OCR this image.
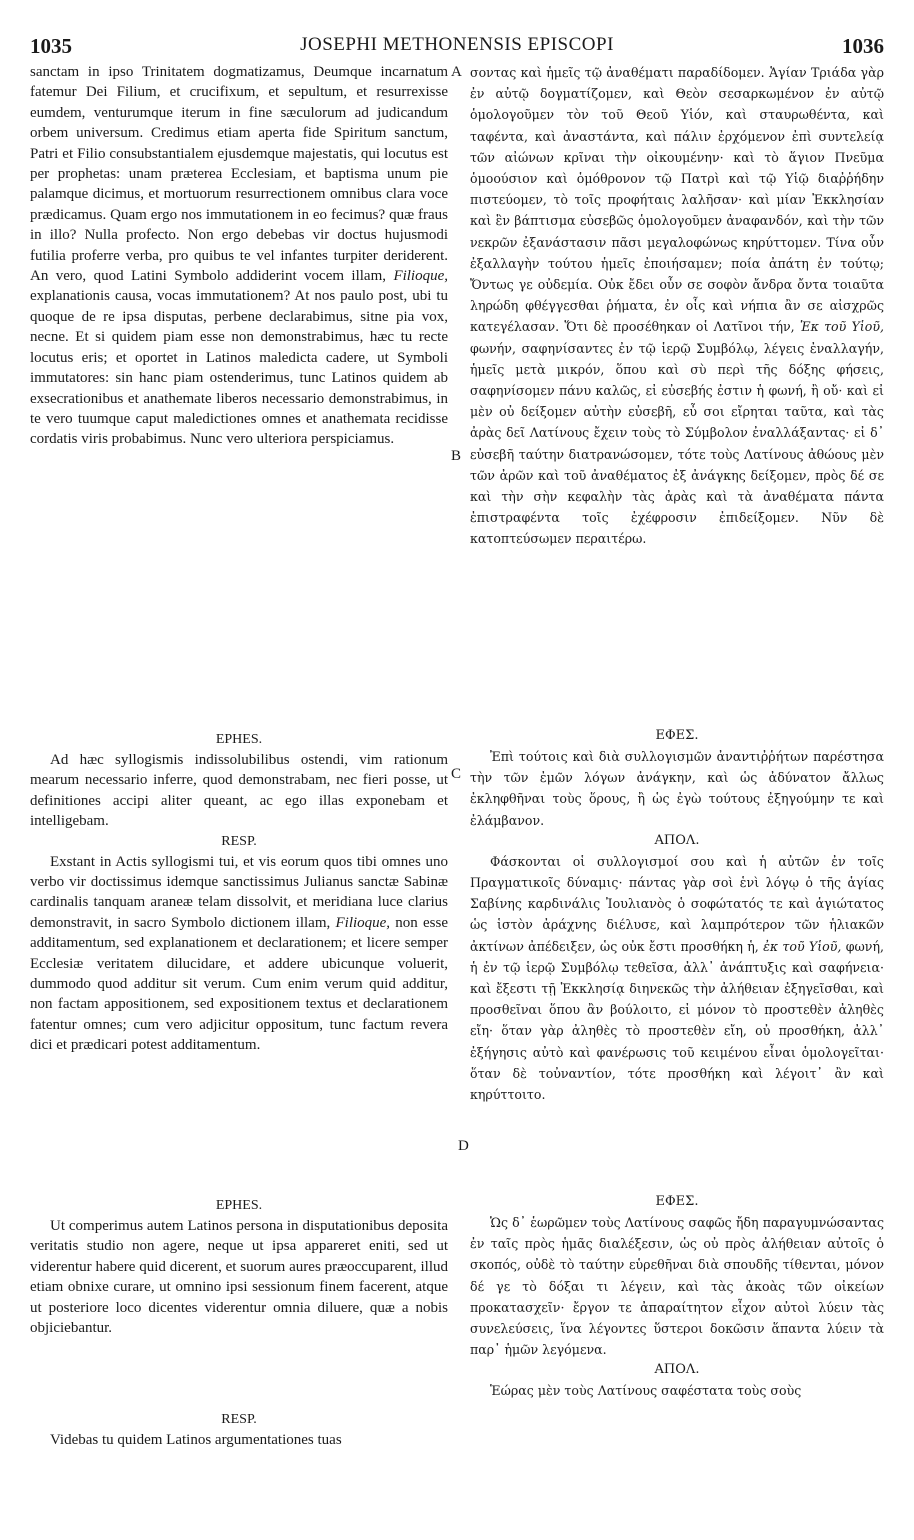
1035	JOSEPHI METHONENSIS EPISCOPI	1036
A
B
C
D

sanctam in ipso Trinitatem dogmatizamus, Deumque incarnatum fatemur Dei Filium, et crucifixum, et sepultum, et resurrexisse eumdem, venturumque iterum in fine sæculorum ad judicandum orbem universum. Credimus etiam aperta fide Spiritum sanctum, Patri et Filio consubstantialem ejusdemque majestatis, qui locutus est per prophetas: unam præterea Ecclesiam, et baptisma unum pie palamque dicimus, et mortuorum resurrectionem omnibus clara voce prædicamus. Quam ergo nos immutationem in eo fecimus? quæ fraus in illo? Nulla profecto. Non ergo debebas vir doctus hujusmodi futilia proferre verba, pro quibus te vel infantes turpiter deriderent. An vero, quod Latini Symbolo addiderint vocem illam, Filioque, explanationis causa, vocas immutationem? At nos paulo post, ubi tu quoque de re ipsa disputas, perbene declarabimus, sitne pia vox, necne. Et si quidem piam esse non demonstrabimus, hæc tu recte locutus eris; et oportet in Latinos maledicta cadere, ut Symboli immutatores: sin hanc piam ostenderimus, tunc Latinos quidem ab exsecrationibus et anathemate liberos necessario demonstrabimus, in te vero tuumque caput maledictiones omnes et anathemata recidisse cordatis viris probabimus. Nunc vero ulteriora perspiciamus.

EPHES.

Ad hæc syllogismis indissolubilibus ostendi, vim rationum mearum necessario inferre, quod demonstrabam, nec fieri posse, ut definitiones accipi aliter queant, ac ego illas exponebam et intelligebam.

RESP.

Exstant in Actis syllogismi tui, et vis eorum quos tibi omnes uno verbo vir doctissimus idemque sanctissimus Julianus sanctæ Sabinæ cardinalis tanquam araneæ telam dissolvit, et meridiana luce clarius demonstravit, in sacro Symbolo dictionem illam, Filioque, non esse additamentum, sed explanationem et declarationem; et licere semper Ecclesiæ veritatem dilucidare, et addere ubicunque voluerit, dummodo quod additur sit verum. Cum enim verum quid additur, non factam appositionem, sed expositionem textus et declarationem fatentur omnes; cum vero adjicitur oppositum, tunc factum revera dici et prædicari potest additamentum.

EPHES.

Ut comperimus autem Latinos persona in disputationibus deposita veritatis studio non agere, neque ut ipsa appareret eniti, sed ut viderentur habere quid dicerent, et suorum aures præoccuparent, illud etiam obnixe curare, ut omnino ipsi sessionum finem facerent, atque ut posteriore loco dicentes viderentur omnia diluere, quæ a nobis objiciebantur.

RESP.

Videbas tu quidem Latinos argumentationes tuas

σοντας καὶ ἡμεῖς τῷ ἀναθέματι παραδίδομεν. Ἁγίαν Τριάδα γὰρ ἐν αὐτῷ δογματίζομεν, καὶ Θεὸν σεσαρκωμένον ἐν αὐτῷ ὁμολογοῦμεν τὸν τοῦ Θεοῦ Υἱόν, καὶ σταυρωθέντα, καὶ ταφέντα, καὶ ἀναστάντα, καὶ πάλιν ἐρχόμενον ἐπὶ συντελείᾳ τῶν αἰώνων κρῖναι τὴν οἰκουμένην· καὶ τὸ ἅγιον Πνεῦμα ὁμοούσιον καὶ ὁμόθρονον τῷ Πατρὶ καὶ τῷ Υἱῷ διαῤῥήδην πιστεύομεν, τὸ τοῖς προφήταις λαλῆσαν· καὶ μίαν Ἐκκλησίαν καὶ ἓν βάπτισμα εὐσεβῶς ὁμολογοῦμεν ἀναφανδόν, καὶ τὴν τῶν νεκρῶν ἐξανάστασιν πᾶσι μεγαλοφώνως κηρύττομεν. Τίνα οὖν ἐξαλλαγὴν τούτου ἡμεῖς ἐποιήσαμεν; ποία ἀπάτη ἐν τούτῳ; Ὄντως γε οὐδεμία. Οὐκ ἔδει οὖν σε σοφὸν ἄνδρα ὄντα τοιαῦτα ληρώδη φθέγγεσθαι ῥήματα, ἐν οἷς καὶ νήπια ἂν σε αἰσχρῶς κατεγέλασαν. Ὅτι δὲ προσέθηκαν οἱ Λατῖνοι τήν, Ἐκ τοῦ Υἱοῦ, φωνήν, σαφηνίσαντες ἐν τῷ ἱερῷ Συμβόλῳ, λέγεις ἐναλλαγήν, ἡμεῖς μετὰ μικρόν, ὅπου καὶ σὺ περὶ τῆς δόξης φήσεις, σαφηνίσομεν πάνυ καλῶς, εἰ εὐσεβής ἐστιν ἡ φωνή, ἢ οὔ· καὶ εἰ μὲν οὐ δείξομεν αὐτὴν εὐσεβῆ, εὖ σοι εἴρηται ταῦτα, καὶ τὰς ἀρὰς δεῖ Λατίνους ἔχειν τοὺς τὸ Σύμβολον ἐναλλάξαντας· εἰ δ᾽ εὐσεβῆ ταύτην διατρανώσομεν, τότε τοὺς Λατίνους ἀθώους μὲν τῶν ἀρῶν καὶ τοῦ ἀναθέματος ἐξ ἀνάγκης δείξομεν, πρὸς δέ σε καὶ τὴν σὴν κεφαλὴν τὰς ἀρὰς καὶ τὰ ἀναθέματα πάντα ἐπιστραφέντα τοῖς ἐχέφροσιν ἐπιδείξομεν. Νῦν δὲ κατοπτεύσωμεν περαιτέρω.

ΕΦΕΣ.

Ἐπὶ τούτοις καὶ διὰ συλλογισμῶν ἀναντιῤῥήτων παρέστησα τὴν τῶν ἐμῶν λόγων ἀνάγκην, καὶ ὡς ἀδύνατον ἄλλως ἐκληφθῆναι τοὺς ὅρους, ἢ ὡς ἐγὼ τούτους ἐξηγούμην τε καὶ ἐλάμβανον.

ΑΠΟΛ.

Φάσκονται οἱ συλλογισμοί σου καὶ ἡ αὐτῶν ἐν τοῖς Πραγματικοῖς δύναμις· πάντας γὰρ σοὶ ἑνὶ λόγῳ ὁ τῆς ἁγίας Σαβίνης καρδινάλις Ἰουλιανὸς ὁ σοφώτατός τε καὶ ἁγιώτατος ὡς ἱστὸν ἀράχνης διέλυσε, καὶ λαμπρότερον τῶν ἡλιακῶν ἀκτίνων ἀπέδειξεν, ὡς οὐκ ἔστι προσθήκη ἡ, ἐκ τοῦ Υἱοῦ, φωνή, ἡ ἐν τῷ ἱερῷ Συμβόλῳ τεθεῖσα, ἀλλ᾽ ἀνάπτυξις καὶ σαφήνεια· καὶ ἔξεστι τῇ Ἐκκλησίᾳ διηνεκῶς τὴν ἀλήθειαν ἐξηγεῖσθαι, καὶ προσθεῖναι ὅπου ἂν βούλοιτο, εἰ μόνον τὸ προστεθὲν ἀληθὲς εἴη· ὅταν γὰρ ἀληθὲς τὸ προστεθὲν εἴη, οὐ προσθήκη, ἀλλ᾽ ἐξήγησις αὐτὸ καὶ φανέρωσις τοῦ κειμένου εἶναι ὁμολογεῖται· ὅταν δὲ τοὐναντίον, τότε προσθήκη καὶ λέγοιτ᾽ ἂν καὶ κηρύττοιτο.

ΕΦΕΣ.

Ὡς δ᾽ ἑωρῶμεν τοὺς Λατίνους σαφῶς ἤδη παραγυμνώσαντας ἐν ταῖς πρὸς ἡμᾶς διαλέξεσιν, ὡς οὐ πρὸς ἀλήθειαν αὐτοῖς ὁ σκοπός, οὐδὲ τὸ ταύτην εὑρεθῆναι διὰ σπουδῆς τίθενται, μόνον δέ γε τὸ δόξαι τι λέγειν, καὶ τὰς ἀκοὰς τῶν οἰκείων προκατασχεῖν· ἔργον τε ἀπαραίτητον εἶχον αὐτοὶ λύειν τὰς συνελεύσεις, ἵνα λέγοντες ὕστεροι δοκῶσιν ἅπαντα λύειν τὰ παρ᾽ ἡμῶν λεγόμενα.

ΑΠΟΛ.

Ἑώρας μὲν τοὺς Λατίνους σαφέστατα τοὺς σοὺς
